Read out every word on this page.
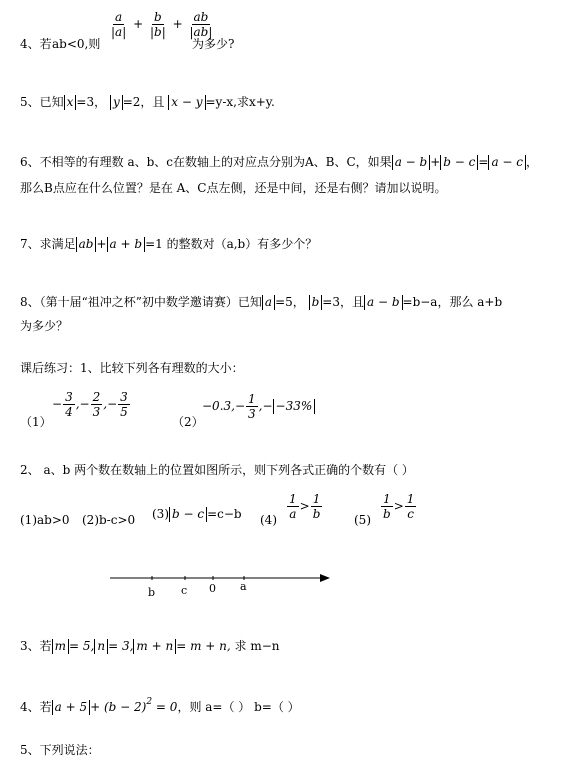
4、若 ab<0,则
$\frac{a}{|a|} + \frac{b}{|b|} + \frac{ab}{|ab|}$
为多少?
5、已知 x =3， y =2，且 x − y =y-x,求x+y.
6、不相等的有理数 a、b、c在数轴上的对应点分别为A、B、C，如果 a − b + b − c = a − c ，
那么B点应在什么位置？是在 A、C点左侧，还是中间，还是右侧？请加以说明。
7、求满足 ab + a + b =1 的整数对（a,b）有多少个？
8、（第十届“祖冲之杯”初中数学邀请赛）已知 a =5， b =3，且 a − b =b−a，那么 a+b
为多少？
课后练习：1、比较下列各有理数的大小：
（1）
− $\frac{3}{4}$ ,− $\frac{2}{3}$ ,− $\frac{3}{5}$
（2）
$-0.3,- \frac{1}{3}$ ,− −33%
2、 a、b 两个数在数轴上的位置如图所示，则下列各式正确的个数有（ ）
(1)ab>0 (2)b-c>0 (3) b − c =c−b $(4) \frac{1}{a} > \frac{1}{b}$	$(5) \frac{1}{b} > \frac{1}{c}$
b c 0 a
3、若 m = 5, n = 3, m + n = m + n, 求 m−n
4、若 $a + 5 + (b - 2)^2 = 0$，则 a=（ ） b=（ ）
5、下列说法：
